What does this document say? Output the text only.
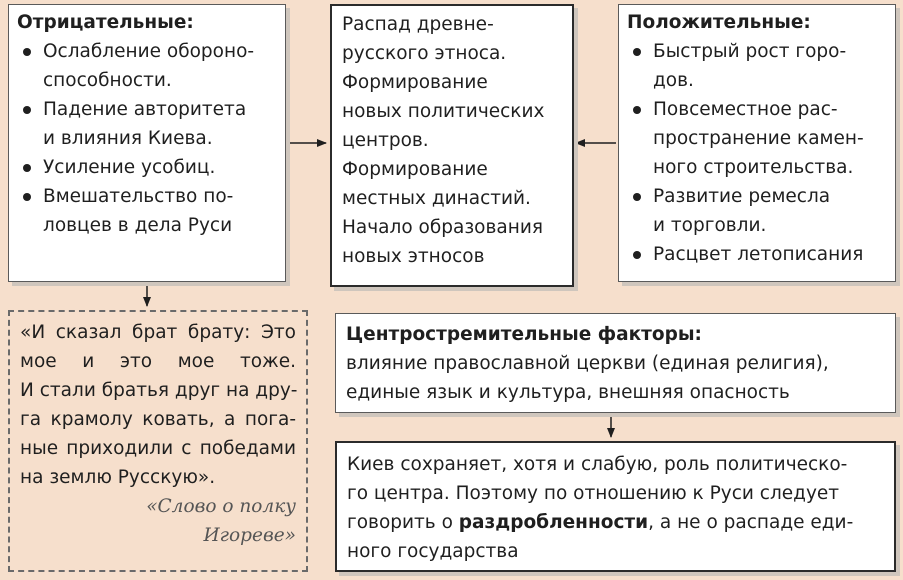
Отрицательные:
Ослабление обороно-
способности.
Падение авторитета
и влияния Киева.
Усиление усобиц.
Вмешательство по-
ловцев в дела Руси
Распад древне-
русского этноса.
Формирование
новых политических
центров.
Формирование
местных династий.
Начало образования
новых этносов
Положительные:
Быстрый рост горо-
дов.
Повсеместное рас-
пространение камен-
ного строительства.
Развитие ремесла
и торговли.
Расцвет летописания
«И сказал брат брату: Это
мое и это мое тоже.
И стали братья друг на дру-
га крамолу ковать, а пога-
ные приходили с победами
на землю Русскую».
«Слово о полку
Игореве»
Центростремительные факторы:
влияние православной церкви (единая религия),
единые язык и культура, внешняя опасность
Киев сохраняет, хотя и слабую, роль политическо-
го центра. Поэтому по отношению к Руси следует
говорить о раздробленности, а не о распаде еди-
ного государства
